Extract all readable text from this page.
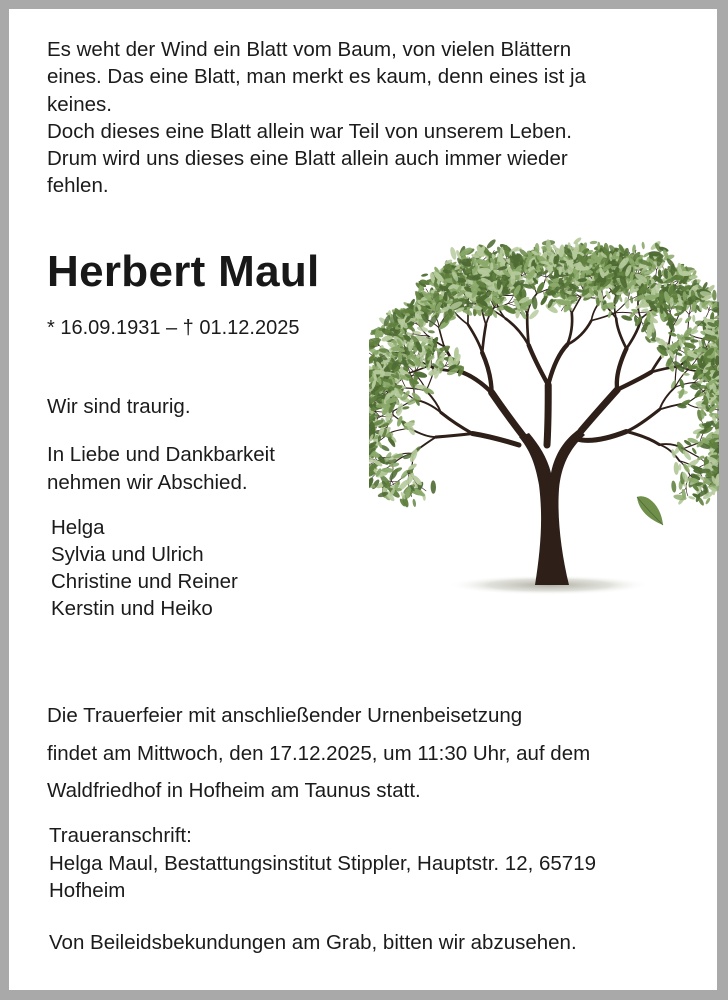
Es weht der Wind ein Blatt vom Baum, von vielen Blättern
eines. Das eine Blatt, man merkt es kaum, denn eines ist ja
keines.
Doch dieses eine Blatt allein war Teil von unserem Leben.
Drum wird uns dieses eine Blatt allein auch immer wieder
fehlen.
Herbert Maul
* 16.09.1931 – † 01.12.2025
Wir sind traurig.
In Liebe und Dankbarkeit
nehmen wir Abschied.
Helga
Sylvia und Ulrich
Christine und Reiner
Kerstin und Heiko
Die Trauerfeier mit anschließender Urnenbeisetzung
findet am Mittwoch, den 17.12.2025, um 11:30 Uhr, auf dem
Waldfriedhof in Hofheim am Taunus statt.
Traueranschrift:
Helga Maul, Bestattungsinstitut Stippler, Hauptstr. 12, 65719
Hofheim
Von Beileidsbekundungen am Grab, bitten wir abzusehen.
